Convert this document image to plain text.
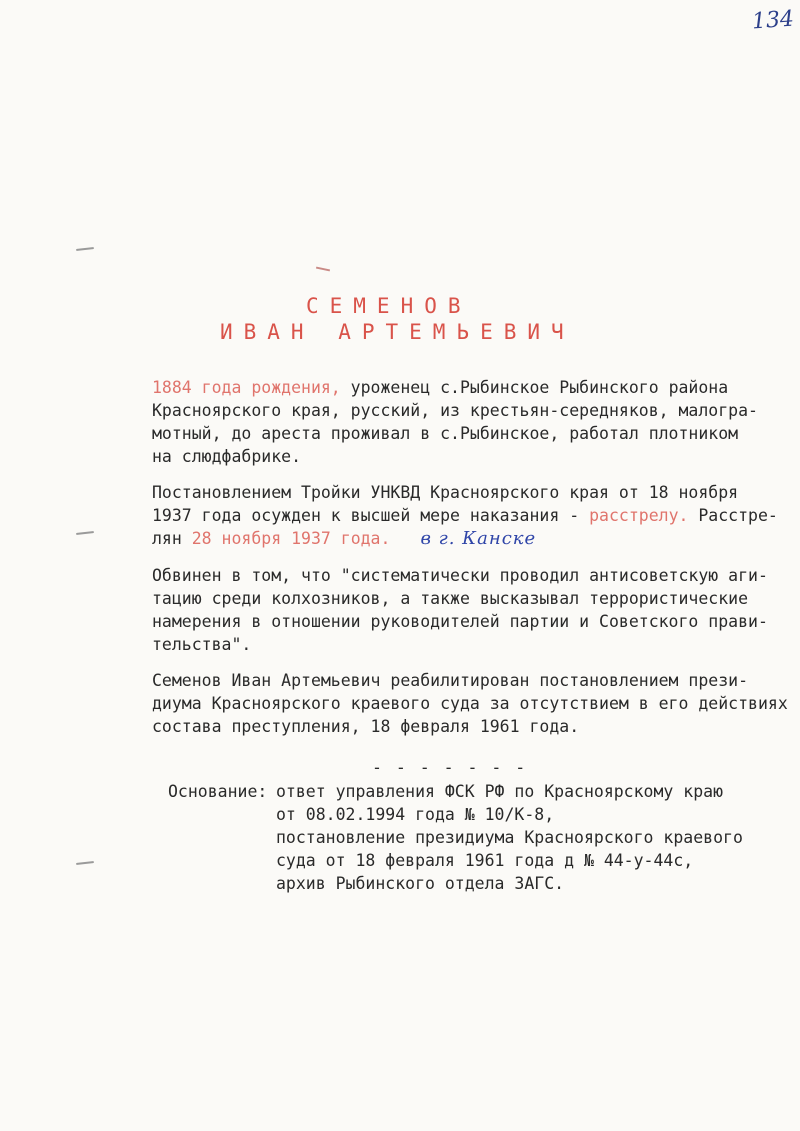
134
СЕМЕНОВ
ИВАН АРТЕМЬЕВИЧ
1884 года рождения, уроженец с.Рыбинское Рыбинского района
Красноярского края, русский, из крестьян-середняков, малогра-
мотный, до ареста проживал в с.Рыбинское, работал плотником
на слюдфабрике.
Постановлением Тройки УНКВД Красноярского края от 18 ноября
1937 года осужден к высшей мере наказания - расстрелу. Расстре-
лян 28 ноября 1937 года. в г. Канске
Обвинен в том, что "систематически проводил антисоветскую аги-
тацию среди колхозников, а также высказывал террористические
намерения в отношении руководителей партии и Советского прави-
тельства".
Семенов Иван Артемьевич реабилитирован постановлением прези-
диума Красноярского краевого суда за отсутствием в его действиях
состава преступления, 18 февраля 1961 года.
- - - - - - -
Основание: ответ управления ФСК РФ по Красноярскому краю
от 08.02.1994 года № 10/К-8,
постановление президиума Красноярского краевого
суда от 18 февраля 1961 года д № 44-у-44с,
архив Рыбинского отдела ЗАГС.
